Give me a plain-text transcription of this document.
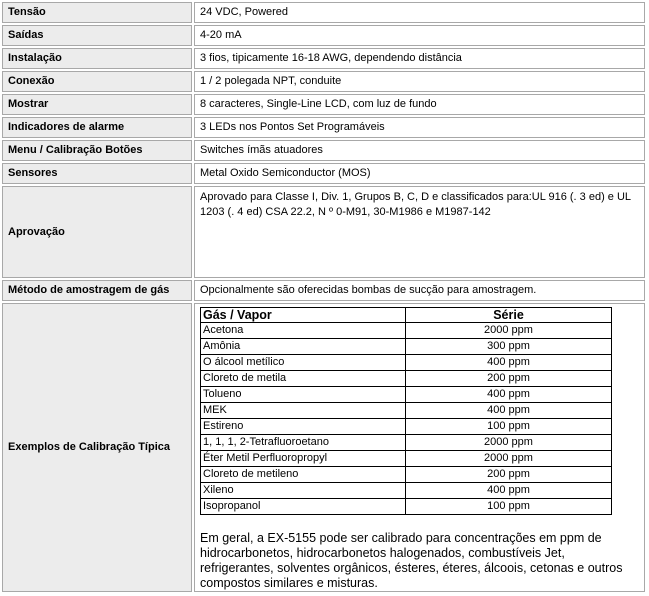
Tensão	24 VDC, Powered
Saídas	4-20 mA
Instalação	3 fios, tipicamente 16-18 AWG, dependendo distância
Conexão	1 / 2 polegada NPT, conduite
Mostrar	8 caracteres, Single-Line LCD, com luz de fundo
Indicadores de alarme	3 LEDs nos Pontos Set Programáveis
Menu / Calibração Botões	Switches ímãs atuadores
Sensores	Metal Oxido Semiconductor (MOS)
Aprovação	Aprovado para Classe I, Div. 1, Grupos B, C, D e classificados para:UL 916 (. 3 ed) e UL 1203 (. 4 ed) CSA 22.2, N º 0-M91, 30-M1986 e M1987-142
Método de amostragem de gás	Opcionalmente são oferecidas bombas de sucção para amostragem.
Exemplos de Calibração Típica	
Gás / Vapor	Série
Acetona	2000 ppm
Amônia	300 ppm
O álcool metílico	400 ppm
Cloreto de metila	200 ppm
Tolueno	400 ppm
MEK	400 ppm
Estireno	100 ppm
1, 1, 1, 2-Tetrafluoroetano	2000 ppm
Éter Metil Perfluoropropyl	2000 ppm
Cloreto de metileno	200 ppm
Xileno	400 ppm
Isopropanol	100 ppm
Em geral, a EX-5155 pode ser calibrado para concentrações em ppm de hidrocarbonetos, hidrocarbonetos halogenados, combustíveis Jet, refrigerantes, solventes orgânicos, ésteres, éteres, álcoois, cetonas e outros compostos similares e misturas.
